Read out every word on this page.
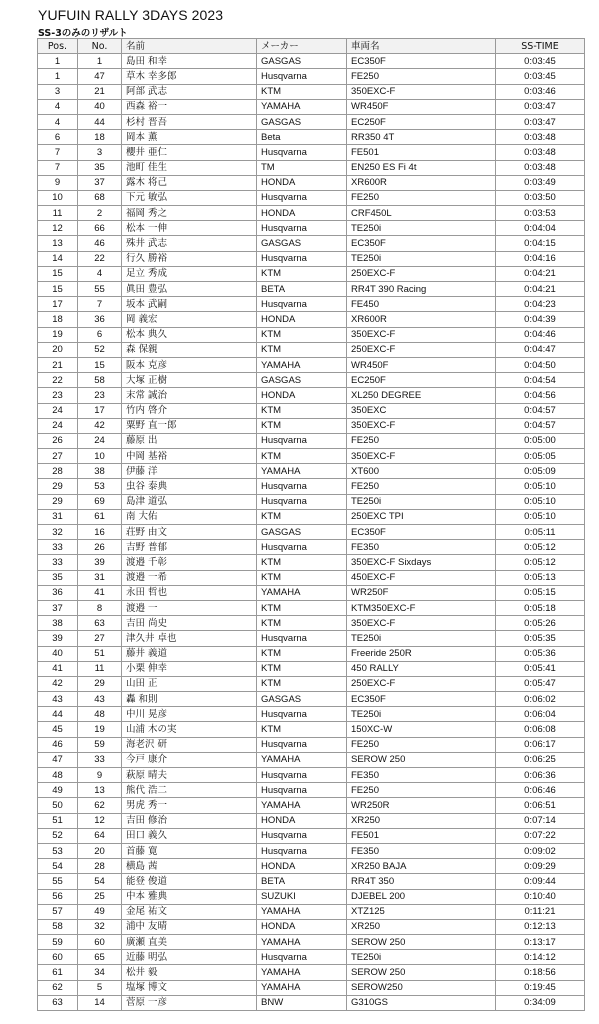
YUFUIN RALLY 3DAYS 2023
SS-3のみのリザルト
Pos.	No.	名前	メーカー	車両名	SS-TIME
1	1	島田 和幸	GASGAS	EC350F	0:03:45
1	47	草木 幸多郎	Husqvarna	FE250	0:03:45
3	21	阿部 武志	KTM	350EXC-F	0:03:46
4	40	西森 裕一	YAMAHA	WR450F	0:03:47
4	44	杉村 晋吾	GASGAS	EC250F	0:03:47
6	18	岡本 薫	Beta	RR350 4T	0:03:48
7	3	櫻井 亜仁	Husqvarna	FE501	0:03:48
7	35	池町 佳生	TM	EN250 ES Fi 4t	0:03:48
9	37	露木 将己	HONDA	XR600R	0:03:49
10	68	下元 敏弘	Husqvarna	FE250	0:03:50
11	2	福岡 秀之	HONDA	CRF450L	0:03:53
12	66	松本 一伸	Husqvarna	TE250i	0:04:04
13	46	殊井 武志	GASGAS	EC350F	0:04:15
14	22	行久 勝裕	Husqvarna	TE250i	0:04:16
15	4	足立 秀成	KTM	250EXC-F	0:04:21
15	55	眞田 豊弘	BETA	RR4T 390 Racing	0:04:21
17	7	坂本 武嗣	Husqvarna	FE450	0:04:23
18	36	岡 義宏	HONDA	XR600R	0:04:39
19	6	松本 典久	KTM	350EXC-F	0:04:46
20	52	森 保親	KTM	250EXC-F	0:04:47
21	15	阪本 克彦	YAMAHA	WR450F	0:04:50
22	58	大塚 正樹	GASGAS	EC250F	0:04:54
23	23	末常 誠治	HONDA	XL250 DEGREE	0:04:56
24	17	竹内 啓介	KTM	350EXC	0:04:57
24	42	粟野 直一郎	KTM	350EXC-F	0:04:57
26	24	藤原 出	Husqvarna	FE250	0:05:00
27	10	中岡 基裕	KTM	350EXC-F	0:05:05
28	38	伊藤 洋	YAMAHA	XT600	0:05:09
29	53	虫谷 泰典	Husqvarna	FE250	0:05:10
29	69	島津 道弘	Husqvarna	TE250i	0:05:10
31	61	南 大佑	KTM	250EXC TPI	0:05:10
32	16	荘野 由文	GASGAS	EC350F	0:05:11
33	26	吉野 普郁	Husqvarna	FE350	0:05:12
33	39	渡邉 千彰	KTM	350EXC-F Sixdays	0:05:12
35	31	渡邉 一希	KTM	450EXC-F	0:05:13
36	41	永田 哲也	YAMAHA	WR250F	0:05:15
37	8	渡邉 一	KTM	KTM350EXC-F	0:05:18
38	63	吉田 尚史	KTM	350EXC-F	0:05:26
39	27	津久井 卓也	Husqvarna	TE250i	0:05:35
40	51	藤井 義道	KTM	Freeride 250R	0:05:36
41	11	小栗 伸幸	KTM	450 RALLY	0:05:41
42	29	山田 正	KTM	250EXC-F	0:05:47
43	43	轟 和則	GASGAS	EC350F	0:06:02
44	48	中川 晃彦	Husqvarna	TE250i	0:06:04
45	19	山浦 木の実	KTM	150XC-W	0:06:08
46	59	海老沢 研	Husqvarna	FE250	0:06:17
47	33	今戸 康介	YAMAHA	SEROW 250	0:06:25
48	9	萩原 晴夫	Husqvarna	FE350	0:06:36
49	13	熊代 浩二	Husqvarna	FE250	0:06:46
50	62	男虎 秀一	YAMAHA	WR250R	0:06:51
51	12	吉田 修治	HONDA	XR250	0:07:14
52	64	田口 義久	Husqvarna	FE501	0:07:22
53	20	首藤 寛	Husqvarna	FE350	0:09:02
54	28	横島 茜	HONDA	XR250 BAJA	0:09:29
55	54	能登 俊道	BETA	RR4T 350	0:09:44
56	25	中本 雅典	SUZUKI	DJEBEL 200	0:10:40
57	49	金尾 祐文	YAMAHA	XTZ125	0:11:21
58	32	浦中 友晴	HONDA	XR250	0:12:13
59	60	廣瀬 直美	YAMAHA	SEROW 250	0:13:17
60	65	近藤 明弘	Husqvarna	TE250i	0:14:12
61	34	松井 毅	YAMAHA	SEROW 250	0:18:56
62	5	塩塚 博文	YAMAHA	SEROW250	0:19:45
63	14	菅原 一彦	BNW	G310GS	0:34:09
